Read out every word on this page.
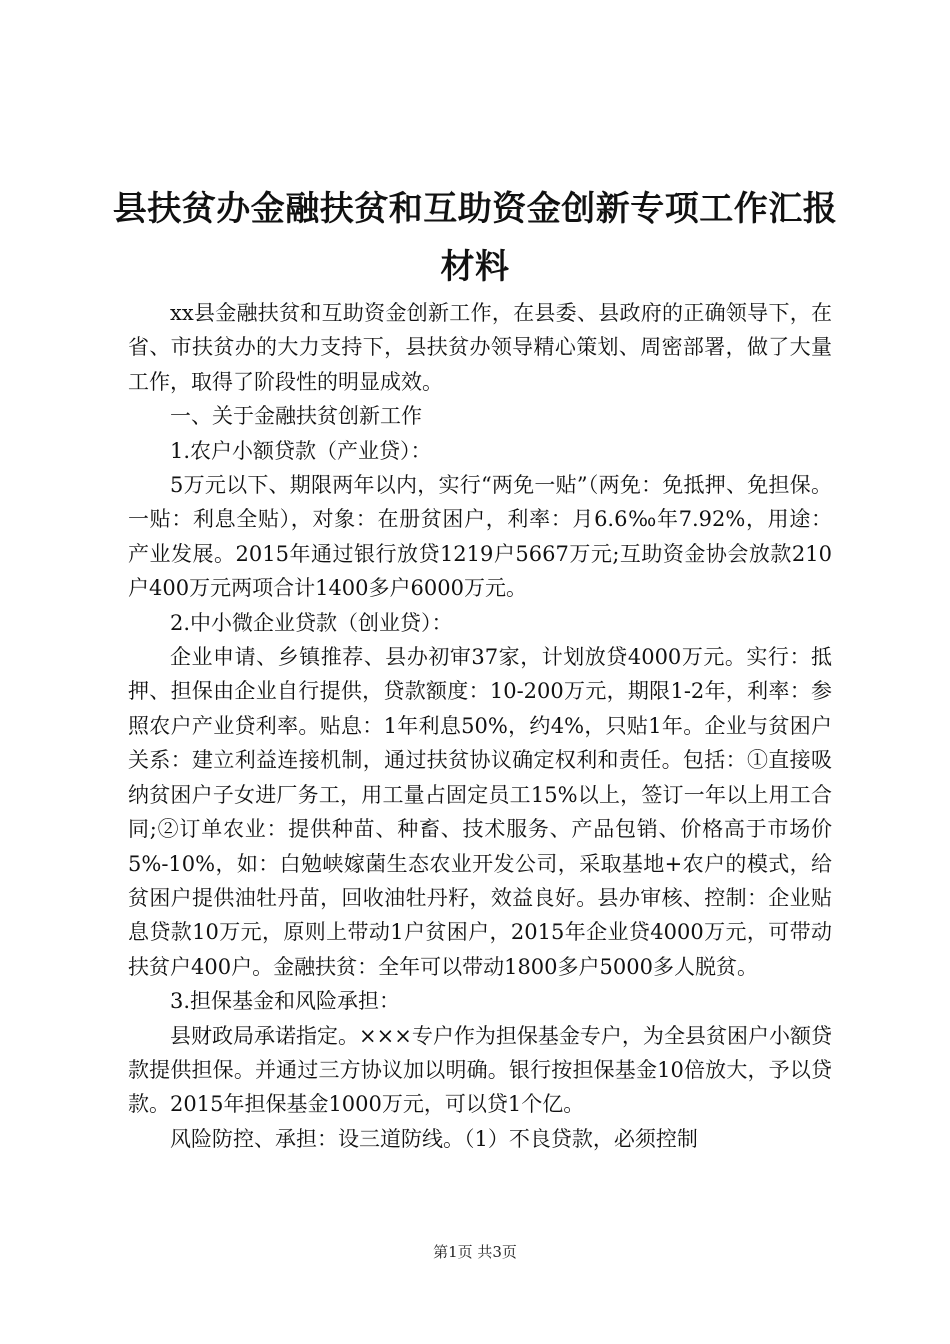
县扶贫办金融扶贫和互助资金创新专项工作汇报材料

xx县金融扶贫和互助资金创新工作，在县委、县政府的正确领导下，在省、市扶贫办的大力支持下，县扶贫办领导精心策划、周密部署，做了大量工作，取得了阶段性的明显成效。

一、关于金融扶贫创新工作

1.农户小额贷款（产业贷）：

5万元以下、期限两年以内，实行“两免一贴”（两免：免抵押、免担保。一贴：利息全贴），对象：在册贫困户，利率：月6.6‰年7.92%，用途：产业发展。2015年通过银行放贷1219户5667万元;互助资金协会放款210户400万元两项合计1400多户6000万元。

2.中小微企业贷款（创业贷）：

企业申请、乡镇推荐、县办初审37家，计划放贷4000万元。实行：抵押、担保由企业自行提供，贷款额度：10-200万元，期限1-2年，利率：参照农户产业贷利率。贴息：1年利息50%，约4%，只贴1年。企业与贫困户关系：建立利益连接机制，通过扶贫协议确定权利和责任。包括：①直接吸纳贫困户子女进厂务工，用工量占固定员工15%以上，签订一年以上用工合同;②订单农业：提供种苗、种畜、技术服务、产品包销、价格高于市场价5%-10%，如：白勉峡嫁菌生态农业开发公司，采取基地+农户的模式，给贫困户提供油牡丹苗，回收油牡丹籽，效益良好。县办审核、控制：企业贴息贷款10万元，原则上带动1户贫困户，2015年企业贷4000万元，可带动扶贫户400户。金融扶贫：全年可以带动1800多户5000多人脱贫。

3.担保基金和风险承担：

县财政局承诺指定。×××专户作为担保基金专户，为全县贫困户小额贷款提供担保。并通过三方协议加以明确。银行按担保基金10倍放大，予以贷款。2015年担保基金1000万元，可以贷1个亿。

风险防控、承担：设三道防线。（1）不良贷款，必须控制

第1页 共3页
